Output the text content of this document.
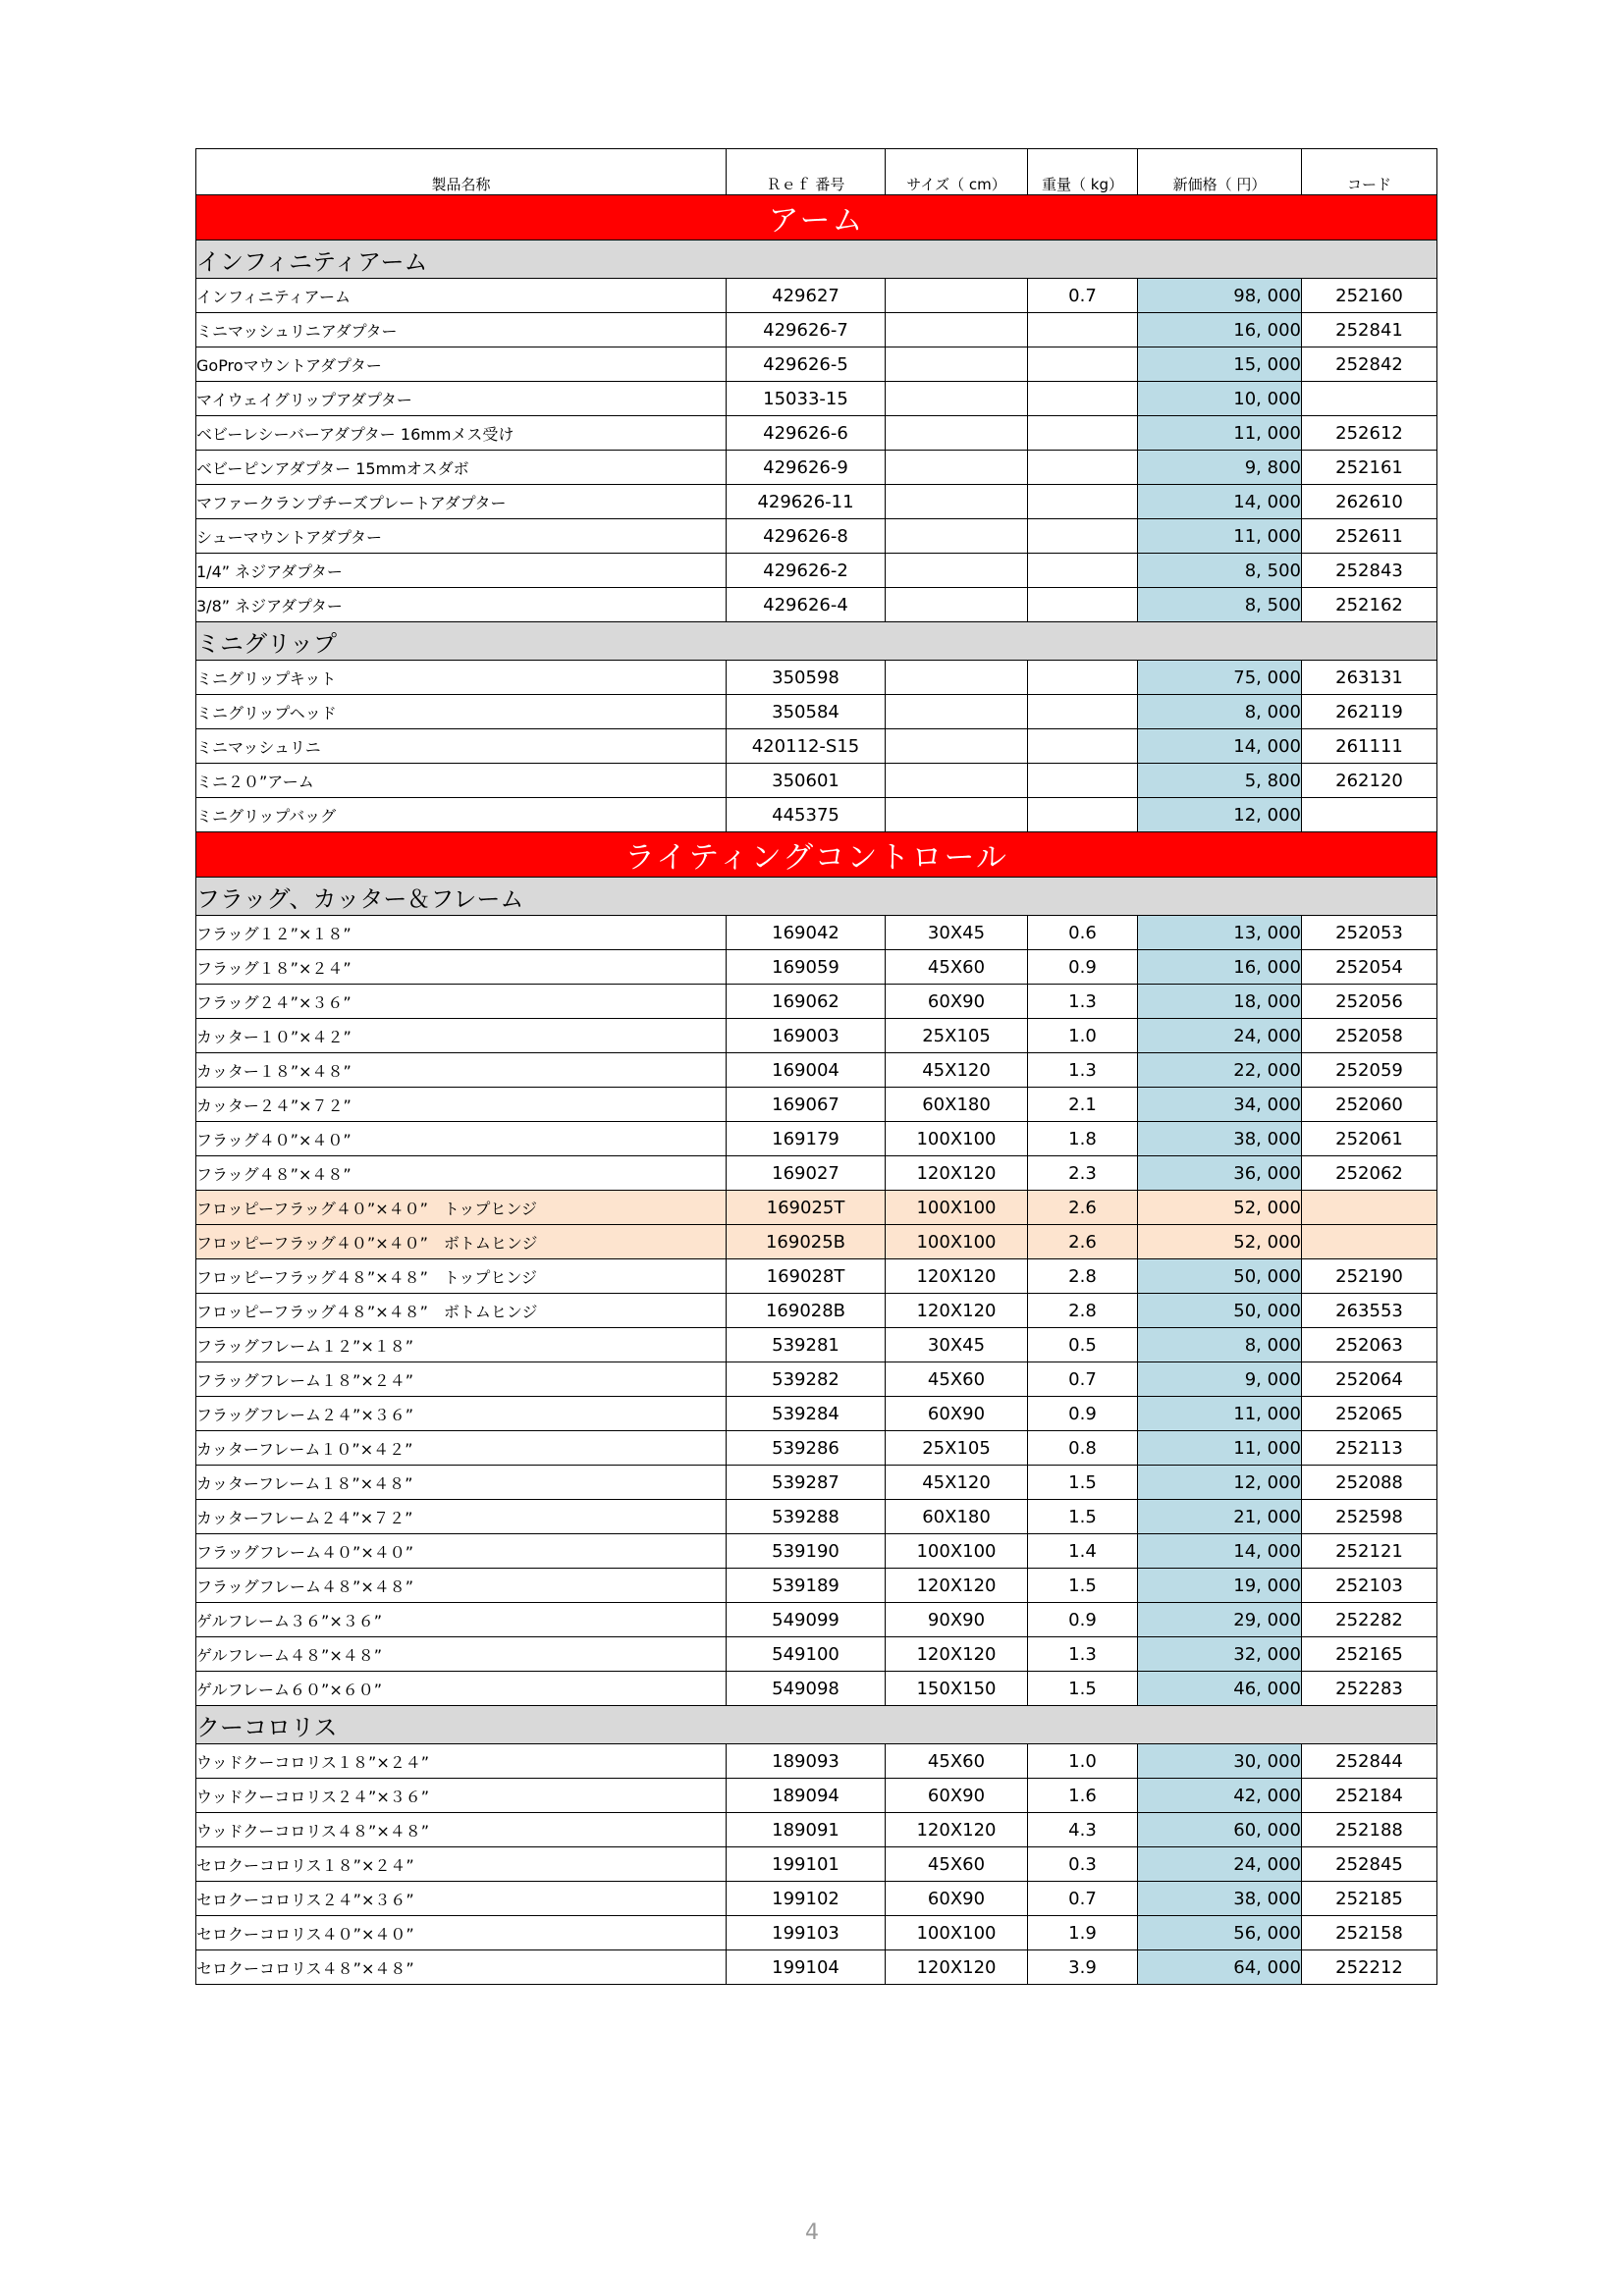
製品名称	Ｒｅｆ 番号	サイズ（ cm）	重量（ kg）	新価格（ 円）	コード
アーム					
インフィニティアーム					
インフィニティアーム	429627		0.7	98, 000	252160
ミニマッシュリニアダプター	429626-7			16, 000	252841
GoProマウントアダプター	429626-5			15, 000	252842
マイウェイグリップアダプター	15033-15			10, 000	
ベビーレシーバーアダプター 16mmメス受け	429626-6			11, 000	252612
ベビーピンアダプター 15mmオスダボ	429626-9			9, 800	252161
マファークランプチーズプレートアダプター	429626-11			14, 000	262610
シューマウントアダプター	429626-8			11, 000	252611
1/4” ネジアダプター	429626-2			8, 500	252843
3/8” ネジアダプター	429626-4			8, 500	252162
ミニグリップ					
ミニグリップキット	350598			75, 000	263131
ミニグリップヘッド	350584			8, 000	262119
ミニマッシュリニ	420112-S15			14, 000	261111
ミニ２０”アーム	350601			5, 800	262120
ミニグリップバッグ	445375			12, 000	
ライティングコントロール					
フラッグ、カッター＆フレーム					
フラッグ１２”×１８”	169042	30X45	0.6	13, 000	252053
フラッグ１８”×２４”	169059	45X60	0.9	16, 000	252054
フラッグ２４”×３６”	169062	60X90	1.3	18, 000	252056
カッター１０”×４２”	169003	25X105	1.0	24, 000	252058
カッター１８”×４８”	169004	45X120	1.3	22, 000	252059
カッター２４”×７２”	169067	60X180	2.1	34, 000	252060
フラッグ４０”×４０”	169179	100X100	1.8	38, 000	252061
フラッグ４８”×４８”	169027	120X120	2.3	36, 000	252062
フロッピーフラッグ４０”×４０”　トップヒンジ	169025T	100X100	2.6	52, 000	
フロッピーフラッグ４０”×４０”　ボトムヒンジ	169025B	100X100	2.6	52, 000	
フロッピーフラッグ４８”×４８”　トップヒンジ	169028T	120X120	2.8	50, 000	252190
フロッピーフラッグ４８”×４８”　ボトムヒンジ	169028B	120X120	2.8	50, 000	263553
フラッグフレーム１２”×１８”	539281	30X45	0.5	8, 000	252063
フラッグフレーム１８”×２４”	539282	45X60	0.7	9, 000	252064
フラッグフレーム２４”×３６”	539284	60X90	0.9	11, 000	252065
カッターフレーム１０”×４２”	539286	25X105	0.8	11, 000	252113
カッターフレーム１８”×４８”	539287	45X120	1.5	12, 000	252088
カッターフレーム２４”×７２”	539288	60X180	1.5	21, 000	252598
フラッグフレーム４０”×４０”	539190	100X100	1.4	14, 000	252121
フラッグフレーム４８”×４８”	539189	120X120	1.5	19, 000	252103
ゲルフレーム３６”×３６”	549099	90X90	0.9	29, 000	252282
ゲルフレーム４８”×４８”	549100	120X120	1.3	32, 000	252165
ゲルフレーム６０”×６０”	549098	150X150	1.5	46, 000	252283
クーコロリス					
ウッドクーコロリス１８”×２４”	189093	45X60	1.0	30, 000	252844
ウッドクーコロリス２４”×３６”	189094	60X90	1.6	42, 000	252184
ウッドクーコロリス４８”×４８”	189091	120X120	4.3	60, 000	252188
セロクーコロリス１８”×２４”	199101	45X60	0.3	24, 000	252845
セロクーコロリス２４”×３６”	199102	60X90	0.7	38, 000	252185
セロクーコロリス４０”×４０”	199103	100X100	1.9	56, 000	252158
セロクーコロリス４８”×４８”	199104	120X120	3.9	64, 000	252212
4
